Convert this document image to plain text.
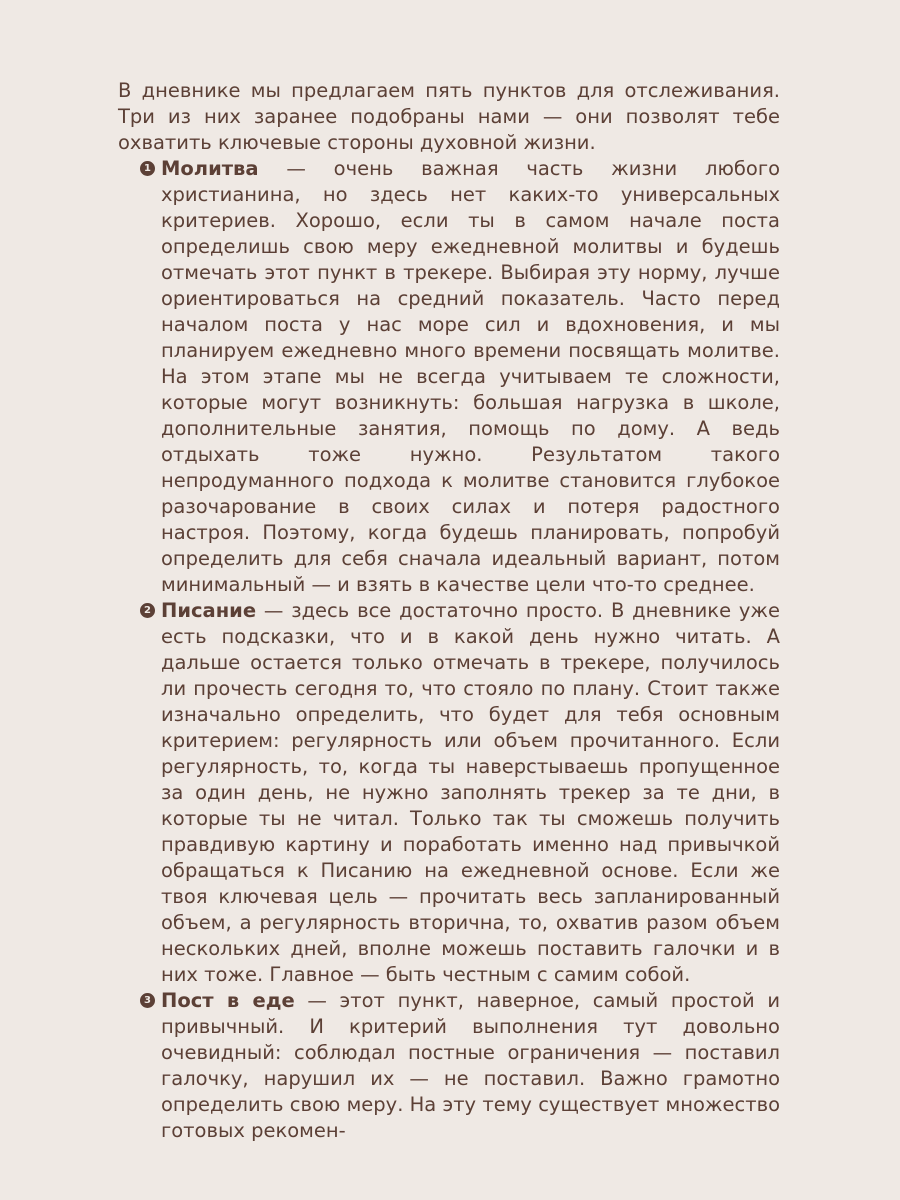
В дневнике мы предлагаем пять пунктов для отслеживания. Три из них заранее подобраны нами — они позволят тебе охватить ключевые стороны духовной жизни.

1 Молитва — очень важная часть жизни любого христианина, но здесь нет каких-то универсальных критериев. Хорошо, если ты в самом начале поста определишь свою меру ежедневной молитвы и будешь отмечать этот пункт в трекере. Выбирая эту норму, лучше ориентироваться на средний показатель. Часто перед началом поста у нас море сил и вдохновения, и мы планируем ежедневно много времени посвящать молитве. На этом этапе мы не всегда учитываем те сложности, которые могут возникнуть: большая нагрузка в школе, дополнительные занятия, помощь по дому. А ведь отдыхать тоже нужно. Результатом такого непродуманного подхода к молитве становится глубокое разочарование в своих силах и потеря радостного настроя. Поэтому, когда будешь планировать, попробуй определить для себя сначала идеальный вариант, потом минимальный — и взять в качестве цели что-то среднее.

2 Писание — здесь все достаточно просто. В дневнике уже есть подсказки, что и в какой день нужно читать. А дальше остается только отмечать в трекере, получилось ли прочесть сегодня то, что стояло по плану. Стоит также изначально определить, что будет для тебя основным критерием: регулярность или объем прочитанного. Если регулярность, то, когда ты наверстываешь пропущенное за один день, не нужно заполнять трекер за те дни, в которые ты не читал. Только так ты сможешь получить правдивую картину и поработать именно над привычкой обращаться к Писанию на ежедневной основе. Если же твоя ключевая цель — прочитать весь запланированный объем, а регулярность вторична, то, охватив разом объем нескольких дней, вполне можешь поставить галочки и в них тоже. Главное — быть честным с самим собой.

3 Пост в еде — этот пункт, наверное, самый простой и привычный. И критерий выполнения тут довольно очевидный: соблюдал постные ограничения — поставил галочку, нарушил их — не поставил. Важно грамотно определить свою меру. На эту тему существует множество готовых рекомен-
